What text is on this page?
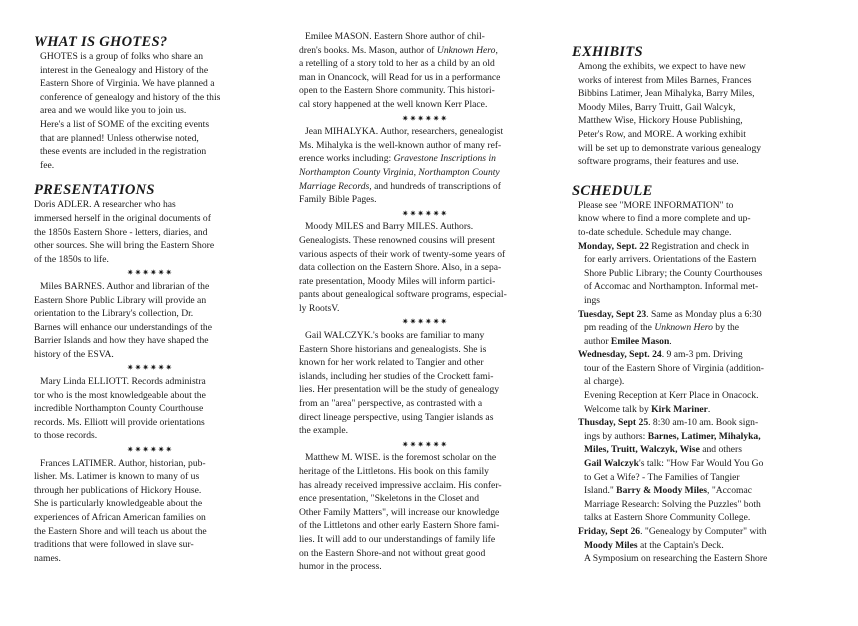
WHAT IS GHOTES?

GHOTES is a group of folks who share an
interest in the Genealogy and History of the
Eastern Shore of Virginia. We have planned a
conference of genealogy and history of the this
area and we would like you to join us.
Here's a list of SOME of the exciting events
that are planned! Unless otherwise noted,
these events are included in the registration
fee.

PRESENTATIONS

Doris ADLER. A researcher who has
immersed herself in the original documents of
the 1850s Eastern Shore - letters, diaries, and
other sources. She will bring the Eastern Shore
of the 1850s to life.

✷✷✷✷✷✷

Miles BARNES. Author and librarian of the
Eastern Shore Public Library will provide an
orientation to the Library's collection, Dr.
Barnes will enhance our understandings of the
Barrier Islands and how they have shaped the
history of the ESVA.

✷✷✷✷✷✷

Mary Linda ELLIOTT. Records administra
tor who is the most knowledgeable about the
incredible Northampton County Courthouse
records. Ms. Elliott will provide orientations
to those records.

✷✷✷✷✷✷

Frances LATIMER. Author, historian, pub-
lisher. Ms. Latimer is known to many of us
through her publications of Hickory House.
She is particularly knowledgeable about the
experiences of African American families on
the Eastern Shore and will teach us about the
traditions that were followed in slave sur-
names.

Emilee MASON. Eastern Shore author of chil-
dren's books. Ms. Mason, author of Unknown Hero,
a retelling of a story told to her as a child by an old
man in Onancock, will Read for us in a performance
open to the Eastern Shore community. This histori-
cal story happened at the well known Kerr Place.

✷✷✷✷✷✷

Jean MIHALYKA. Author, researchers, genealogist
Ms. Mihalyka is the well-known author of many ref-
erence works including: Gravestone Inscriptions in
Northampton County Virginia, Northampton County
Marriage Records, and hundreds of transcriptions of
Family Bible Pages.

✷✷✷✷✷✷

Moody MILES and Barry MILES. Authors.
Genealogists. These renowned cousins will present
various aspects of their work of twenty-some years of
data collection on the Eastern Shore. Also, in a sepa-
rate presentation, Moody Miles will inform partici-
pants about genealogical software programs, especial-
ly RootsV.

✷✷✷✷✷✷

Gail WALCZYK.'s books are familiar to many
Eastern Shore historians and genealogists. She is
known for her work related to Tangier and other
islands, including her studies of the Crockett fami-
lies. Her presentation will be the study of genealogy
from an "area" perspective, as contrasted with a
direct lineage perspective, using Tangier islands as
the example.

✷✷✷✷✷✷

Matthew M. WISE. is the foremost scholar on the
heritage of the Littletons. His book on this family
has already received impressive acclaim. His confer-
ence presentation, "Skeletons in the Closet and
Other Family Matters", will increase our knowledge
of the Littletons and other early Eastern Shore fami-
lies. It will add to our understandings of family life
on the Eastern Shore-and not without great good
humor in the process.

EXHIBITS

Among the exhibits, we expect to have new
works of interest from Miles Barnes, Frances
Bibbins Latimer, Jean Mihalyka, Barry Miles,
Moody Miles, Barry Truitt, Gail Walcyk,
Matthew Wise, Hickory House Publishing,
Peter's Row, and MORE. A working exhibit
will be set up to demonstrate various genealogy
software programs, their features and use.

SCHEDULE

Please see "MORE INFORMATION" to
know where to find a more complete and up-
to-date schedule. Schedule may change.

Monday, Sept. 22 Registration and check in
for early arrivers. Orientations of the Eastern
Shore Public Library; the County Courthouses
of Accomac and Northampton. Informal met-
ings

Tuesday, Sept 23. Same as Monday plus a 6:30
pm reading of the Unknown Hero by the
author Emilee Mason.

Wednesday, Sept. 24. 9 am-3 pm. Driving
tour of the Eastern Shore of Virginia (addition-
al charge).
Evening Reception at Kerr Place in Onacock.
Welcome talk by Kirk Mariner.

Thusday, Sept 25. 8:30 am-10 am. Book sign-
ings by authors: Barnes, Latimer, Mihalyka,
Miles, Truitt, Walczyk, Wise and others
Gail Walczyk's talk: "How Far Would You Go
to Get a Wife? - The Families of Tangier
Island." Barry & Moody Miles, "Accomac
Marriage Research: Solving the Puzzles" both
talks at Eastern Shore Community College.

Friday, Sept 26. "Genealogy by Computer" with
Moody Miles at the Captain's Deck.
A Symposium on researching the Eastern Shore
